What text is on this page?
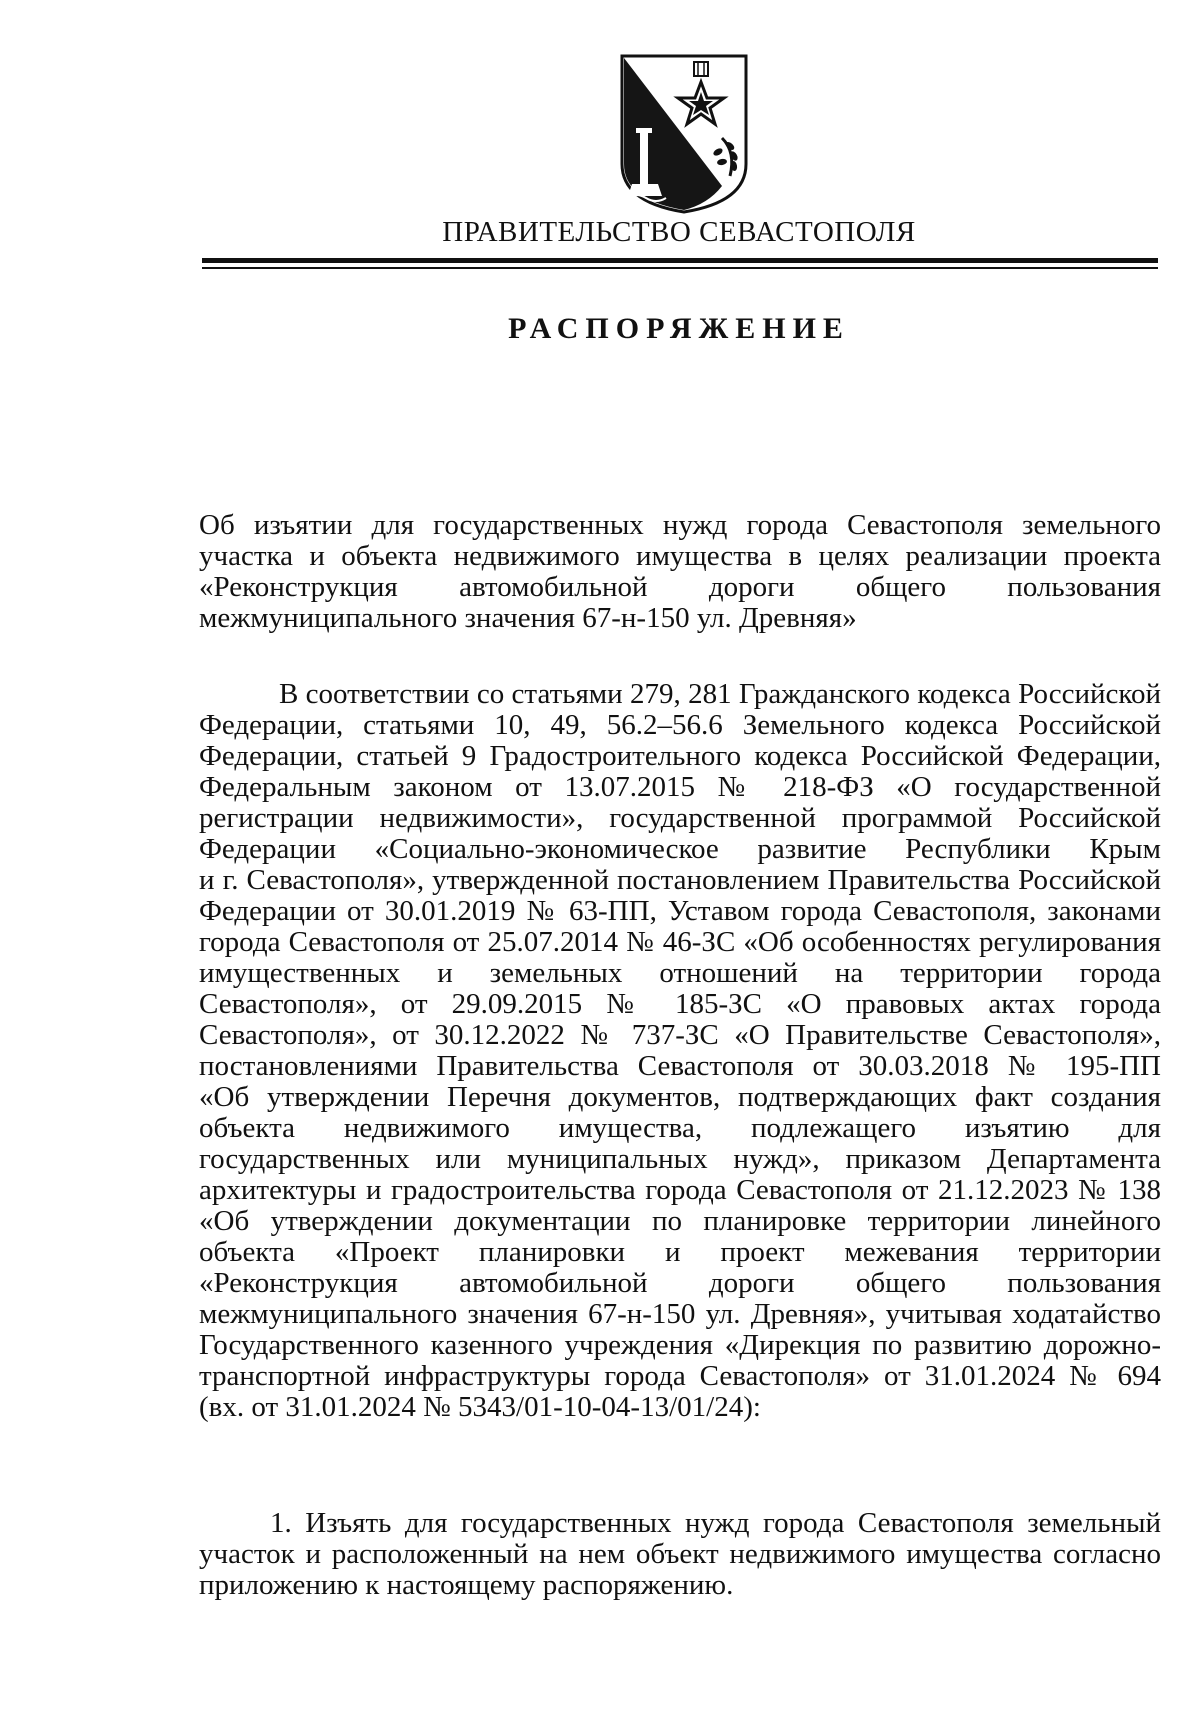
ПРАВИТЕЛЬСТВО СЕВАСТОПОЛЯ
РАСПОРЯЖЕНИЕ
Об изъятии для государственных нужд города Севастополя земельного
участка и объекта недвижимого имущества в целях реализации проекта
«Реконструкция автомобильной дороги общего пользования
межмуниципального значения 67-н-150 ул. Древняя»
В соответствии со статьями 279, 281 Гражданского кодекса Российской
Федерации, статьями 10, 49, 56.2–56.6 Земельного кодекса Российской
Федерации, статьей 9 Градостроительного кодекса Российской Федерации,
Федеральным законом от 13.07.2015 № 218-ФЗ «О государственной
регистрации недвижимости», государственной программой Российской
Федерации «Социально-экономическое развитие Республики Крым
и г. Севастополя», утвержденной постановлением Правительства Российской
Федерации от 30.01.2019 № 63-ПП, Уставом города Севастополя, законами
города Севастополя от 25.07.2014 № 46-ЗС «Об особенностях регулирования
имущественных и земельных отношений на территории города
Севастополя», от 29.09.2015 № 185-ЗС «О правовых актах города
Севастополя», от 30.12.2022 № 737-ЗС «О Правительстве Севастополя»,
постановлениями Правительства Севастополя от 30.03.2018 № 195-ПП
«Об утверждении Перечня документов, подтверждающих факт создания
объекта недвижимого имущества, подлежащего изъятию для
государственных или муниципальных нужд», приказом Департамента
архитектуры и градостроительства города Севастополя от 21.12.2023 № 138
«Об утверждении документации по планировке территории линейного
объекта «Проект планировки и проект межевания территории
«Реконструкция автомобильной дороги общего пользования
межмуниципального значения 67-н-150 ул. Древняя», учитывая ходатайство
Государственного казенного учреждения «Дирекция по развитию дорожно-
транспортной инфраструктуры города Севастополя» от 31.01.2024 № 694
(вх. от 31.01.2024 № 5343/01-10-04-13/01/24):
1. Изъять для государственных нужд города Севастополя земельный
участок и расположенный на нем объект недвижимого имущества согласно
приложению к настоящему распоряжению.
